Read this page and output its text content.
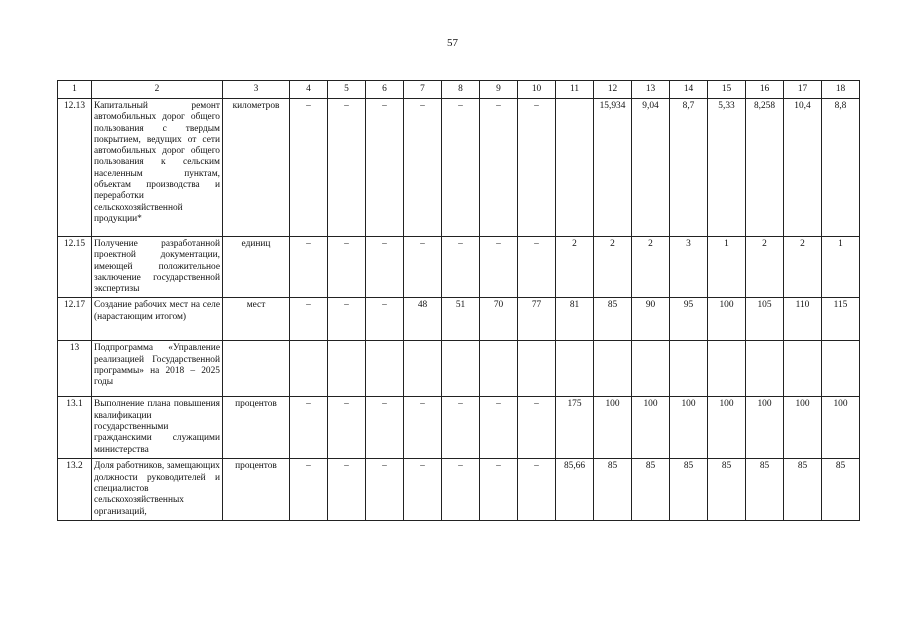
57
1	2	3	4	5	6	7	8	9	10	11	12	13	14	15	16	17	18
12.13	Капитальный ремонт автомобильных дорог общего пользования с твердым покрытием, ведущих от сети автомобильных дорог общего пользования к сельским населенным пунктам, объектам производства и переработки сельскохозяйственной продукции*	километров	–	–	–	–	–	–	–		15,934	9,04	8,7	5,33	8,258	10,4	8,8
12.15	Получение разработанной проектной документации, имеющей положительное заключение государственной экспертизы	единиц	–	–	–	–	–	–	–	2	2	2	3	1	2	2	1
12.17	Создание рабочих мест на селе (нарастающим итогом)	мест	–	–	–	48	51	70	77	81	85	90	95	100	105	110	115
13	Подпрограмма «Управление реализацией Государственной программы» на 2018 – 2025 годы																
13.1	Выполнение плана повышения квалификации государственными гражданскими служащими министерства	процентов	–	–	–	–	–	–	–	175	100	100	100	100	100	100	100
13.2	Доля работников, замещающих должности руководителей и специалистов сельскохозяйственных организаций,	процентов	–	–	–	–	–	–	–	85,66	85	85	85	85	85	85	85
